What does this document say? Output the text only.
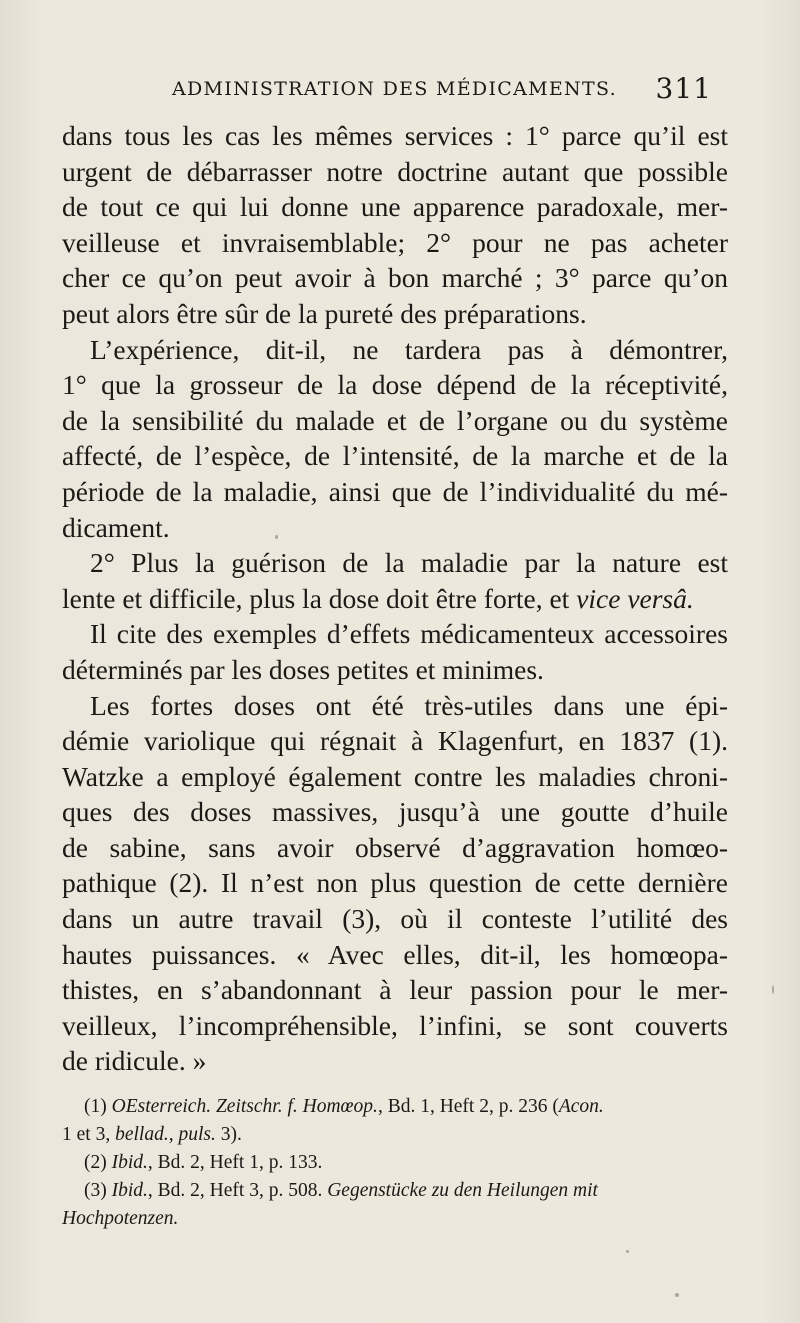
ADMINISTRATION DES MÉDICAMENTS. 311
dans tous les cas les mêmes services : 1° parce qu’il est
urgent de débarrasser notre doctrine autant que possible
de tout ce qui lui donne une apparence paradoxale, mer-
veilleuse et invraisemblable; 2° pour ne pas acheter
cher ce qu’on peut avoir à bon marché ; 3° parce qu’on
peut alors être sûr de la pureté des préparations.
L’expérience, dit-il, ne tardera pas à démontrer,
1° que la grosseur de la dose dépend de la réceptivité,
de la sensibilité du malade et de l’organe ou du système
affecté, de l’espèce, de l’intensité, de la marche et de la
période de la maladie, ainsi que de l’individualité du mé-
dicament.
2° Plus la guérison de la maladie par la nature est
lente et difficile, plus la dose doit être forte, et vice versâ.
Il cite des exemples d’effets médicamenteux accessoires
déterminés par les doses petites et minimes.
Les fortes doses ont été très-utiles dans une épi-
démie variolique qui régnait à Klagenfurt, en 1837 (1).
Watzke a employé également contre les maladies chroni-
ques des doses massives, jusqu’à une goutte d’huile
de sabine, sans avoir observé d’aggravation homœo-
pathique (2). Il n’est non plus question de cette dernière
dans un autre travail (3), où il conteste l’utilité des
hautes puissances. « Avec elles, dit-il, les homœopa-
thistes, en s’abandonnant à leur passion pour le mer-
veilleux, l’incompréhensible, l’infini, se sont couverts
de ridicule. »
(1) OEsterreich. Zeitschr. f. Homœop., Bd. 1, Heft 2, p. 236 (Acon.
1 et 3, bellad., puls. 3).
(2) Ibid., Bd. 2, Heft 1, p. 133.
(3) Ibid., Bd. 2, Heft 3, p. 508. Gegenstücke zu den Heilungen mit
Hochpotenzen.
